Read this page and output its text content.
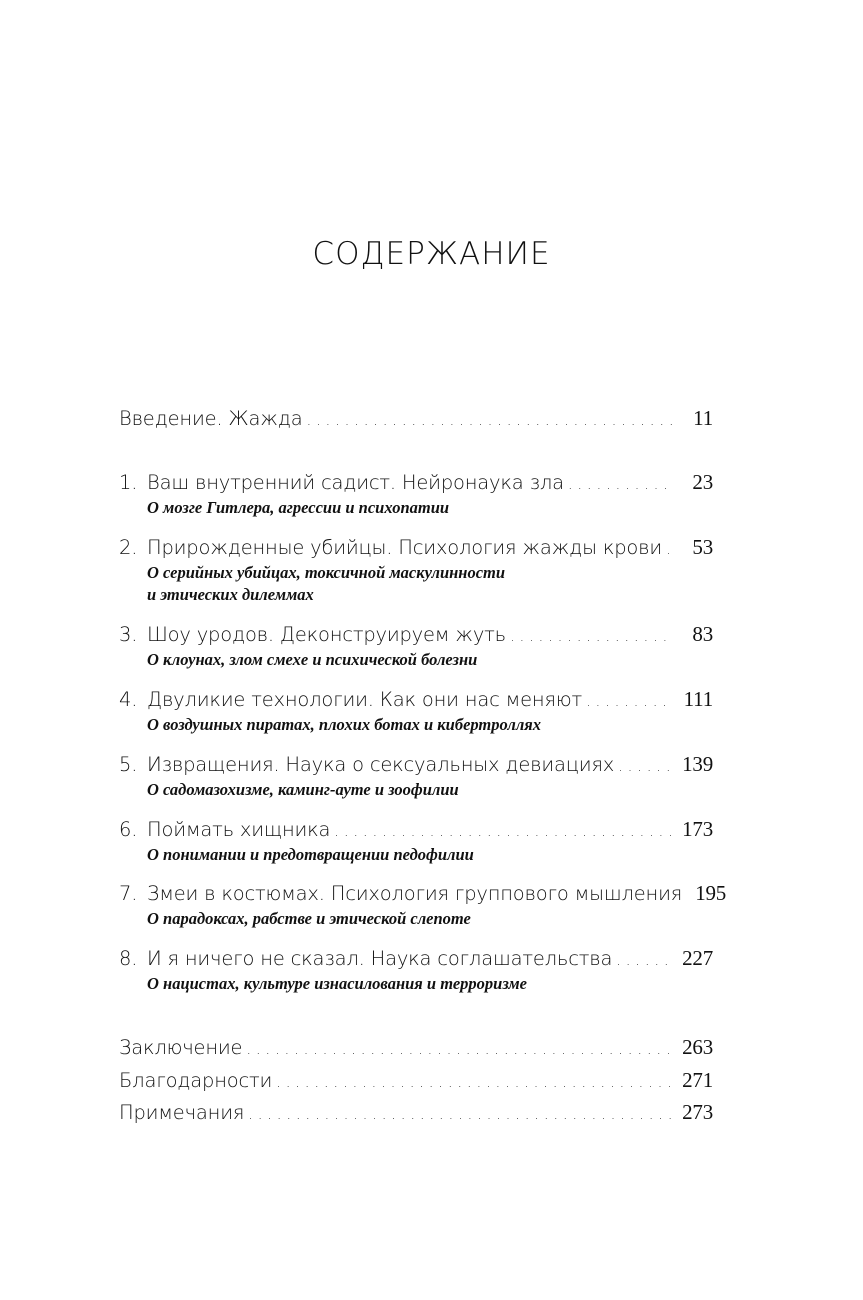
СОДЕРЖАНИЕ
Введение. Жажда . . .	11
1. Ваш внутренний садист. Нейронаука зла . . .	23
О мозге Гитлера, агрессии и психопатии
2. Прирожденные убийцы. Психология жажды крови . . .	53
О серийных убийцах, токсичной маскулинности
и этических дилеммах
3. Шоу уродов. Деконструируем жуть . . .	83
О клоунах, злом смехе и психической болезни
4. Двуликие технологии. Как они нас меняют . . .	111
О воздушных пиратах, плохих ботах и кибертроллях
5. Извращения. Наука о сексуальных девиациях . . .	139
О садомазохизме, каминг-ауте и зоофилии
6. Поймать хищника . . .	173
О понимании и предотвращении педофилии
7. Змеи в костюмах. Психология группового мышления 195
О парадоксах, рабстве и этической слепоте
8. И я ничего не сказал. Наука соглашательства . . .	227
О нацистах, культуре изнасилования и терроризме
Заключение . . .	263
Благодарности . . .	271
Примечания . . .	273
